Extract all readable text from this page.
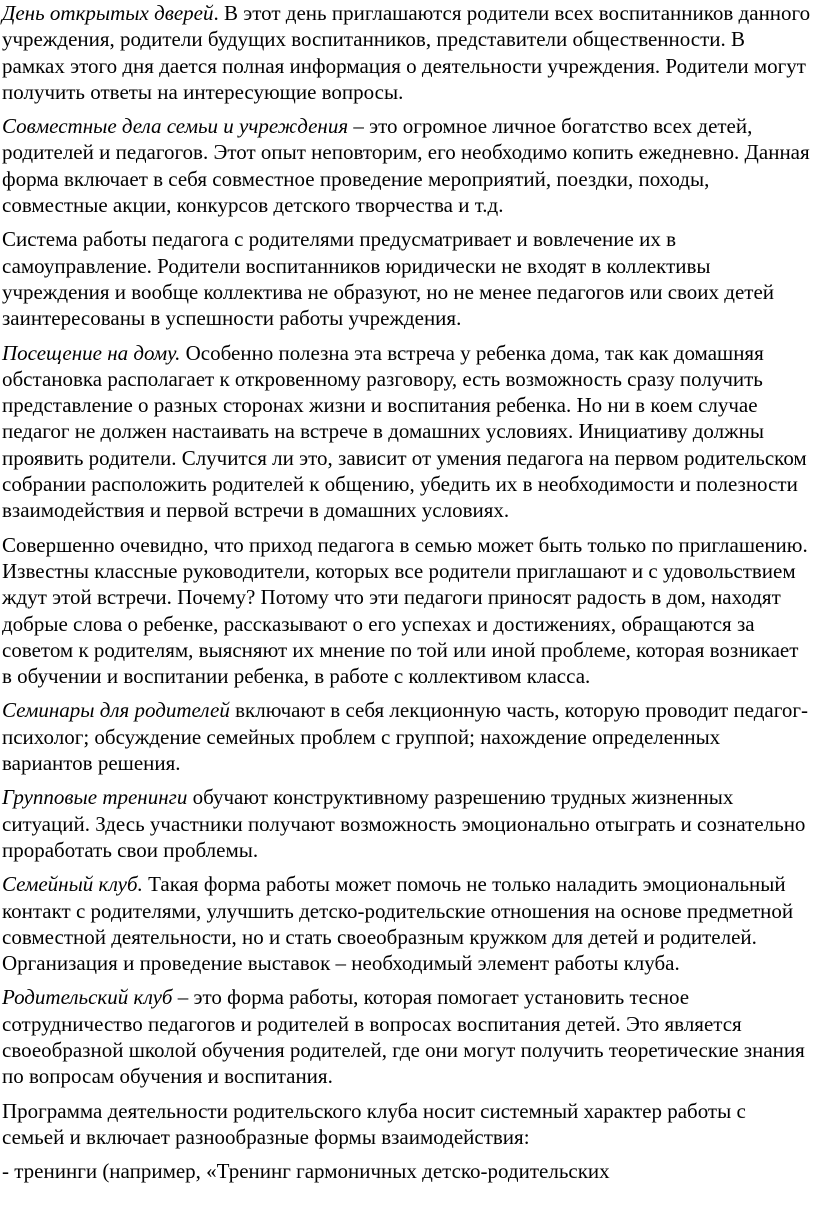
День открытых дверей. В этот день приглашаются родители всех воспитанников данного учреждения, родители будущих воспитанников, представители общественности. В рамках этого дня дается полная информация о деятельности учреждения. Родители могут получить ответы на интересующие вопросы.

Совместные дела семьи и учреждения – это огромное личное богатство всех детей, родителей и педагогов. Этот опыт неповторим, его необходимо копить ежедневно. Данная форма включает в себя совместное проведение мероприятий, поездки, походы, совместные акции, конкурсов детского творчества и т.д.

Система работы педагога с родителями предусматривает и вовлечение их в самоуправление. Родители воспитанников юридически не входят в коллективы учреждения и вообще коллектива не образуют, но не менее педагогов или своих детей заинтересованы в успешности работы учреждения.

Посещение на дому. Особенно полезна эта встреча у ребенка дома, так как домашняя обстановка располагает к откровенному разговору, есть возможность сразу получить представление о разных сторонах жизни и воспитания ребенка. Но ни в коем случае педагог не должен настаивать на встрече в домашних условиях. Инициативу должны проявить родители. Случится ли это, зависит от умения педагога на первом родительском собрании расположить родителей к общению, убедить их в необходимости и полезности взаимодействия и первой встречи в домашних условиях.

Совершенно очевидно, что приход педагога в семью может быть только по приглашению. Известны классные руководители, которых все родители приглашают и с удовольствием ждут этой встречи. Почему? Потому что эти педагоги приносят радость в дом, находят добрые слова о ребенке, рассказывают о его успехах и достижениях, обращаются за советом к родителям, выясняют их мнение по той или иной проблеме, которая возникает в обучении и воспитании ребенка, в работе с коллективом класса.

Семинары для родителей включают в себя лекционную часть, которую проводит педагог-психолог; обсуждение семейных проблем с группой; нахождение определенных вариантов решения.

Групповые тренинги обучают конструктивному разрешению трудных жизненных ситуаций. Здесь участники получают возможность эмоционально отыграть и сознательно проработать свои проблемы.

Семейный клуб. Такая форма работы может помочь не только наладить эмоциональный контакт с родителями, улучшить детско-родительские отношения на основе предметной совместной деятельности, но и стать своеобразным кружком для детей и родителей. Организация и проведение выставок – необходимый элемент работы клуба.

Родительский клуб – это форма работы, которая помогает установить тесное сотрудничество педагогов и родителей в вопросах воспитания детей. Это является своеобразной школой обучения родителей, где они могут получить теоретические знания по вопросам обучения и воспитания.

Программа деятельности родительского клуба носит системный характер работы с семьей и включает разнообразные формы взаимодействия:

- тренинги (например, «Тренинг гармоничных детско-родительских
